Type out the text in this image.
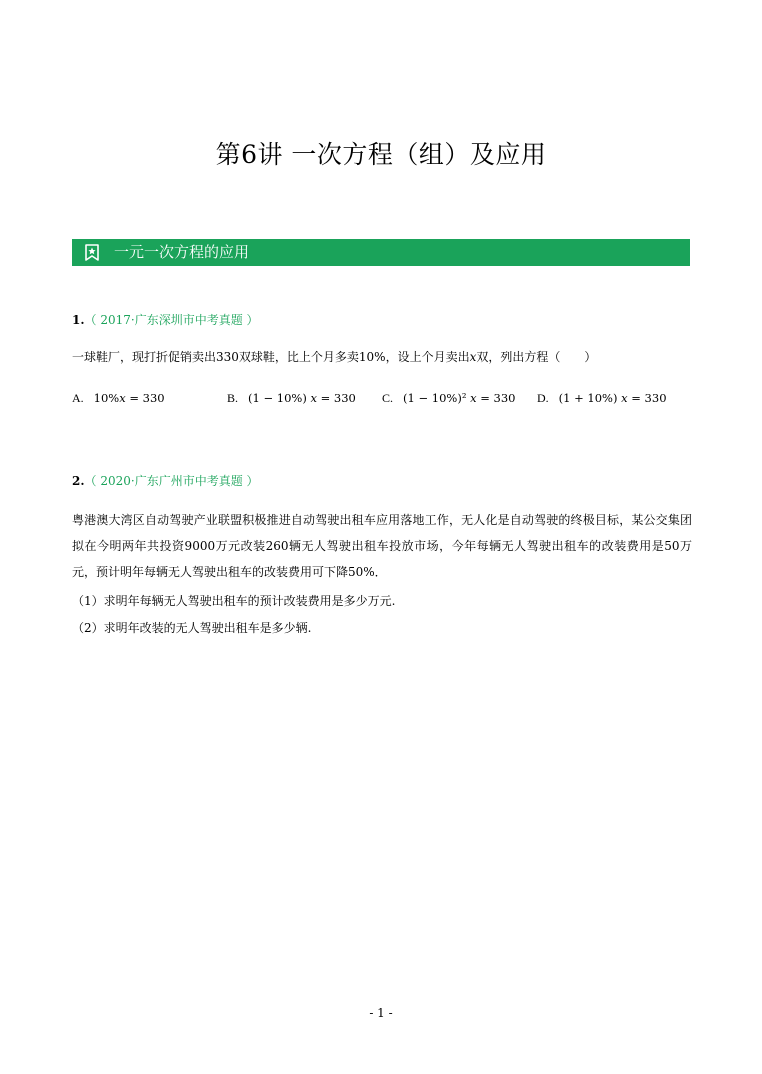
第6讲 一次方程（组）及应用
一元一次方程的应用
1.（ 2017·广东深圳市中考真题 ）
一球鞋厂，现打折促销卖出330双球鞋，比上个月多卖10%，设上个月卖出𝑥双，列出方程（　　）
A. 10%𝑥 = 330	B. (1 − 10%) 𝑥 = 330 C. (1 − 10%)² 𝑥 = 330 D. (1 + 10%) 𝑥 = 330
2.（ 2020·广东广州市中考真题 ）
粤港澳大湾区自动驾驶产业联盟积极推进自动驾驶出租车应用落地工作，无人化是自动驾驶的终极目标，某公交集团拟在今明两年共投资9000万元改装260辆无人驾驶出租车投放市场，今年每辆无人驾驶出租车的改装费用是50万元，预计明年每辆无人驾驶出租车的改装费用可下降50%．
（1）求明年每辆无人驾驶出租车的预计改装费用是多少万元.
（2）求明年改装的无人驾驶出租车是多少辆.
- 1 -
